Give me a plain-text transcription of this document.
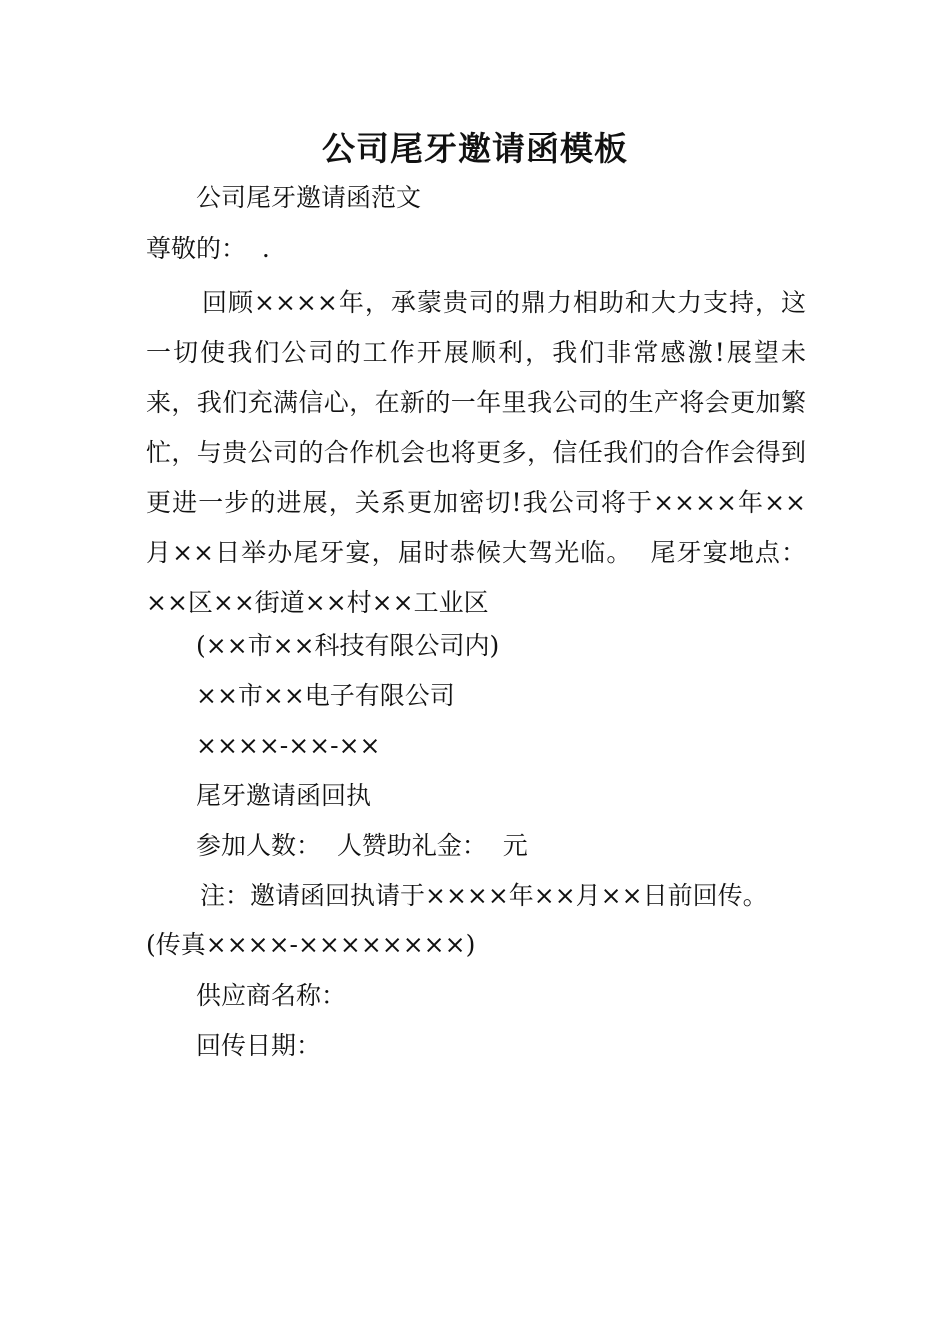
公司尾牙邀请函模板

公司尾牙邀请函范文

尊敬的：  .

回顾××××年，承蒙贵司的鼎力相助和大力支持，这一切使我们公司的工作开展顺利，我们非常感激!展望未来，我们充满信心，在新的一年里我公司的生产将会更加繁忙，与贵公司的合作机会也将更多，信任我们的合作会得到更进一步的进展，关系更加密切!我公司将于××××年××月××日举办尾牙宴，届时恭候大驾光临。  尾牙宴地点：××区××街道××村××工业区

(××市××科技有限公司内)

××市××电子有限公司

××××-××-××

尾牙邀请函回执

参加人数：  人赞助礼金：  元

注：邀请函回执请于××××年××月××日前回传。

(传真××××-××××××××)

供应商名称：

回传日期：
